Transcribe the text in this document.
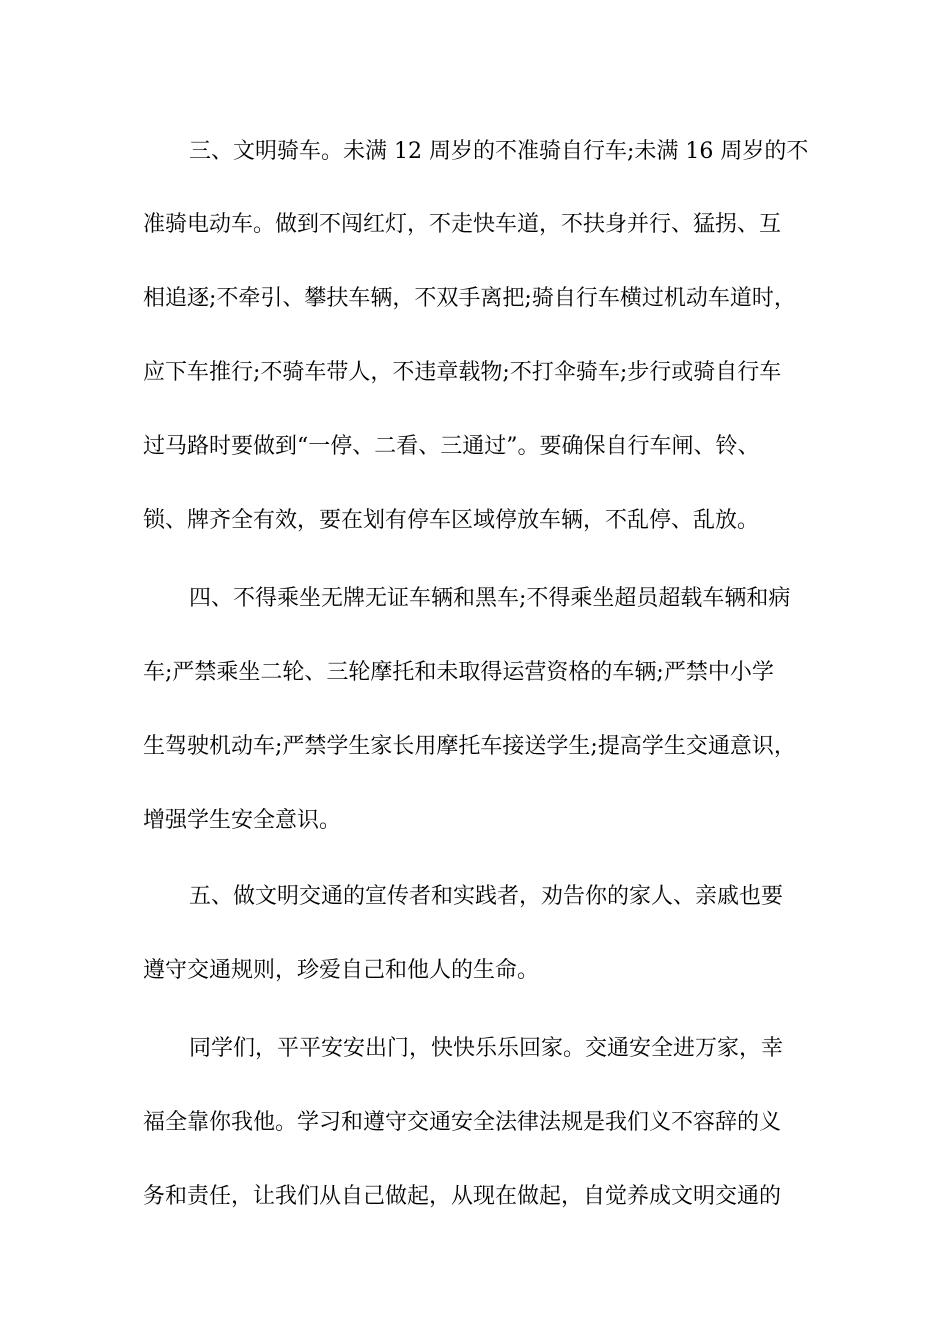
三、文明骑车。未满 12 周岁的不准骑自行车;未满 16 周岁的不
准骑电动车。做到不闯红灯，不走快车道，不扶身并行、猛拐、互
相追逐;不牵引、攀扶车辆，不双手离把;骑自行车横过机动车道时，
应下车推行;不骑车带人，不违章载物;不打伞骑车;步行或骑自行车
过马路时要做到“一停、二看、三通过”。要确保自行车闸、铃、
锁、牌齐全有效，要在划有停车区域停放车辆，不乱停、乱放。
四、不得乘坐无牌无证车辆和黑车;不得乘坐超员超载车辆和病
车;严禁乘坐二轮、三轮摩托和未取得运营资格的车辆;严禁中小学
生驾驶机动车;严禁学生家长用摩托车接送学生;提高学生交通意识，
增强学生安全意识。
五、做文明交通的宣传者和实践者，劝告你的家人、亲戚也要
遵守交通规则，珍爱自己和他人的生命。
同学们，平平安安出门，快快乐乐回家。交通安全进万家，幸
福全靠你我他。学习和遵守交通安全法律法规是我们义不容辞的义
务和责任，让我们从自己做起，从现在做起，自觉养成文明交通的
